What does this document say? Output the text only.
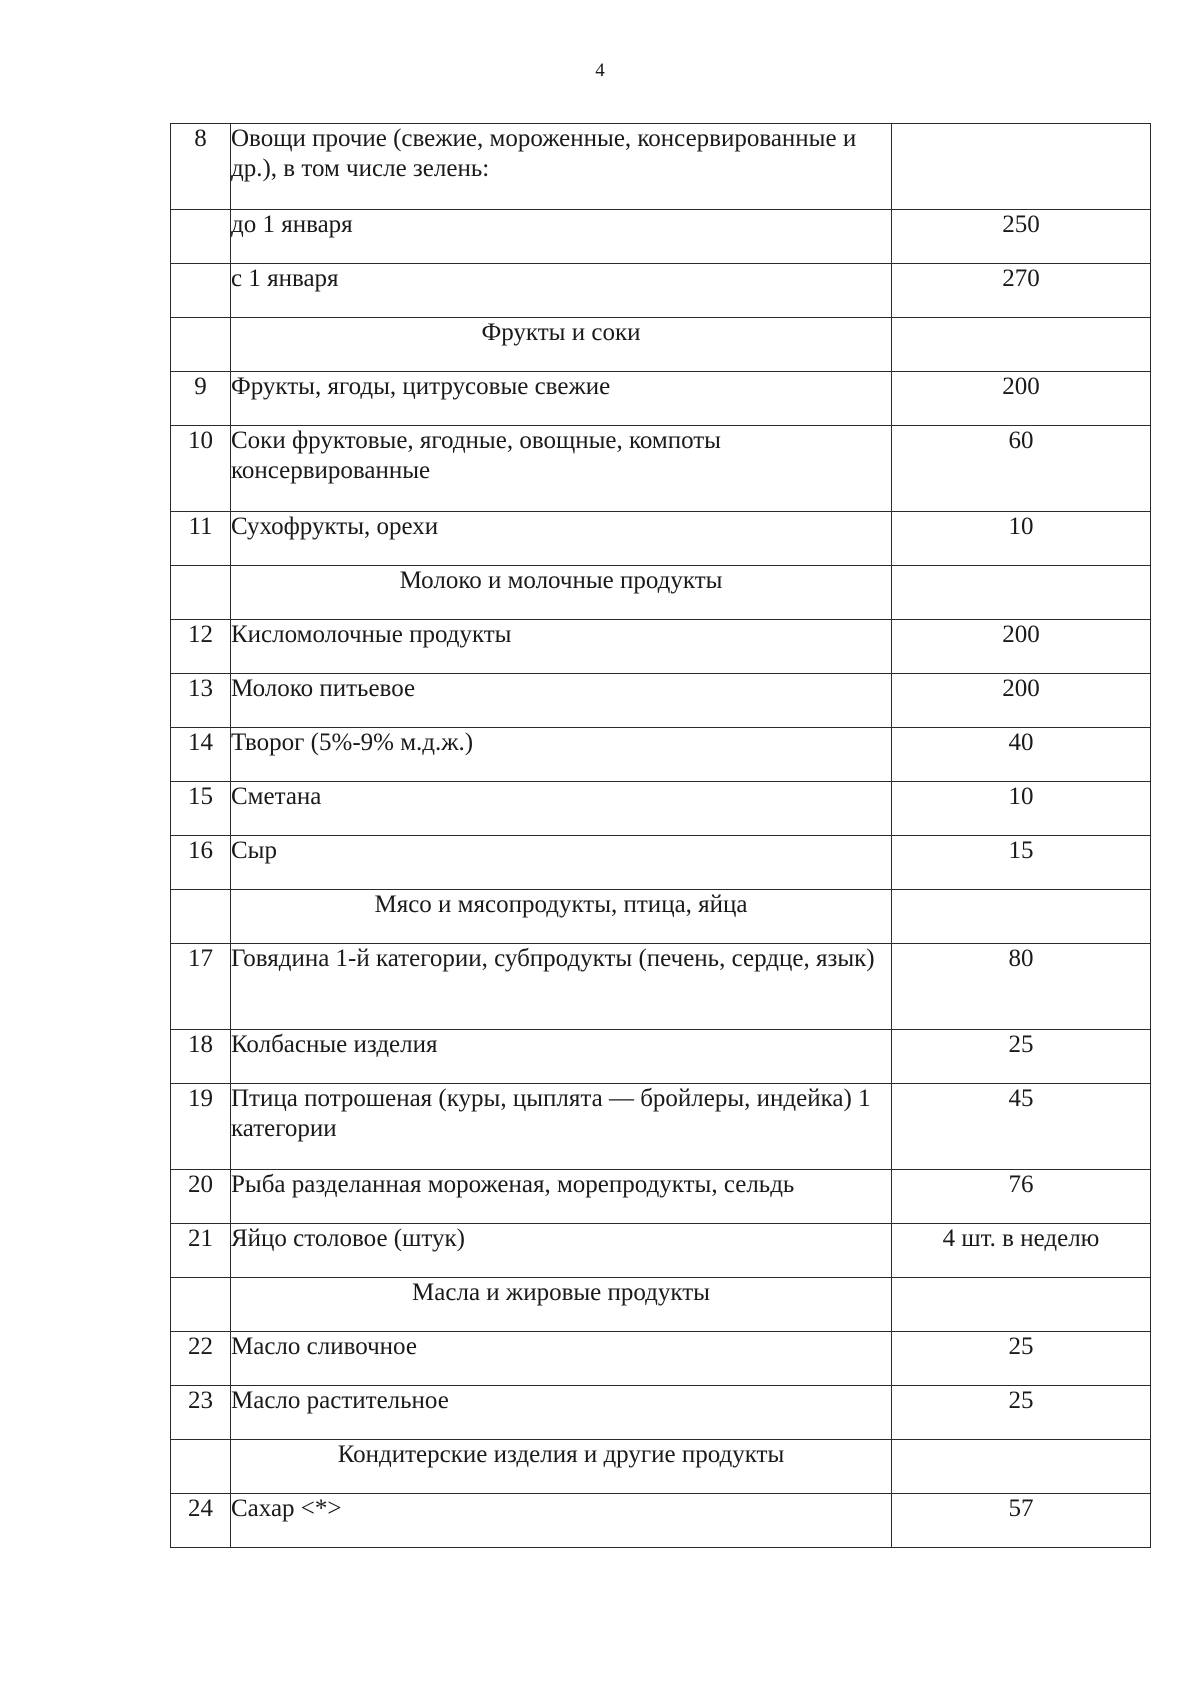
4
8	Овощи прочие (свежие, мороженные, консервированные и др.), в том числе зелень:	
	до 1 января	250
	с 1 января	270
	Фрукты и соки	
9	Фрукты, ягоды, цитрусовые свежие	200
10	Соки фруктовые, ягодные, овощные, компоты консервированные	60
11	Сухофрукты, орехи	10
	Молоко и молочные продукты	
12	Кисломолочные продукты	200
13	Молоко питьевое	200
14	Творог (5%-9% м.д.ж.)	40
15	Сметана	10
16	Сыр	15
	Мясо и мясопродукты, птица, яйца	
17	Говядина 1-й категории, субпродукты (печень, сердце, язык)	80
18	Колбасные изделия	25
19	Птица потрошеная (куры, цыплята — бройлеры, индейка) 1 категории	45
20	Рыба разделанная мороженая, морепродукты, сельдь	76
21	Яйцо столовое (штук)	4 шт. в неделю
	Масла и жировые продукты	
22	Масло сливочное	25
23	Масло растительное	25
	Кондитерские изделия и другие продукты	
24	Сахар <*>	57
